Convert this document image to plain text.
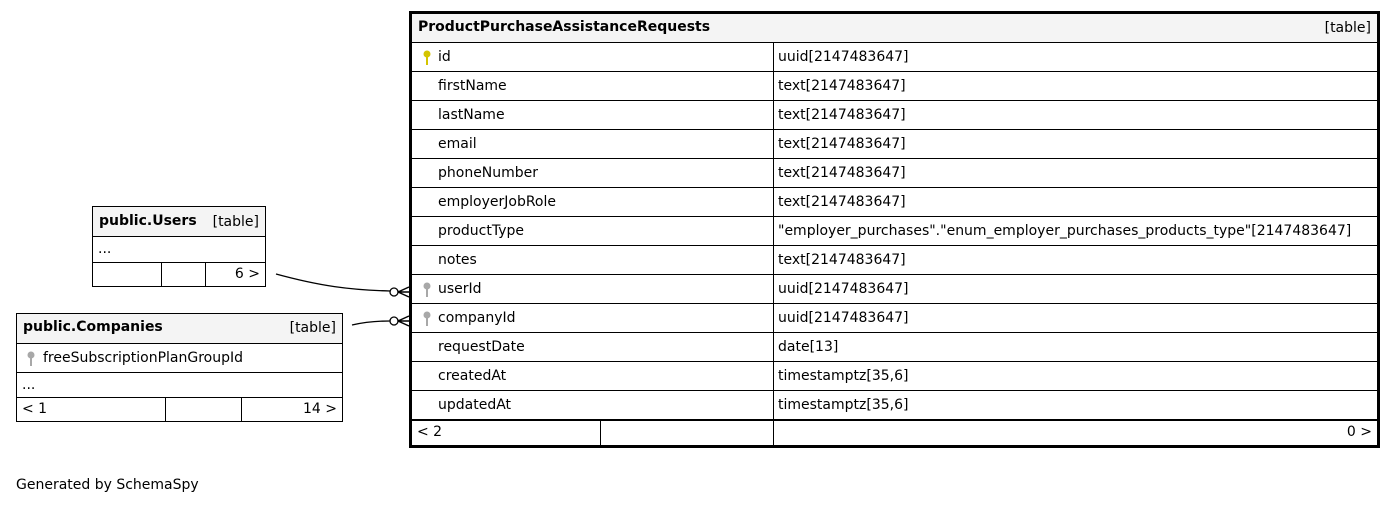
ProductPurchaseAssistanceRequests	[table]
id	uuid[2147483647]
firstName	text[2147483647]
lastName	text[2147483647]
email	text[2147483647]
phoneNumber	text[2147483647]
employerJobRole	text[2147483647]
productType	"employer_purchases"."enum_employer_purchases_products_type"[2147483647]
notes	text[2147483647]
userId	uuid[2147483647]
companyId	uuid[2147483647]
requestDate	date[13]
createdAt	timestamptz[35,6]
updatedAt	timestamptz[35,6]
< 2	0 >
public.Users [table]
...
6 >
public.Companies	[table]
freeSubscriptionPlanGroupId
...
< 1	14 >
Generated by SchemaSpy
